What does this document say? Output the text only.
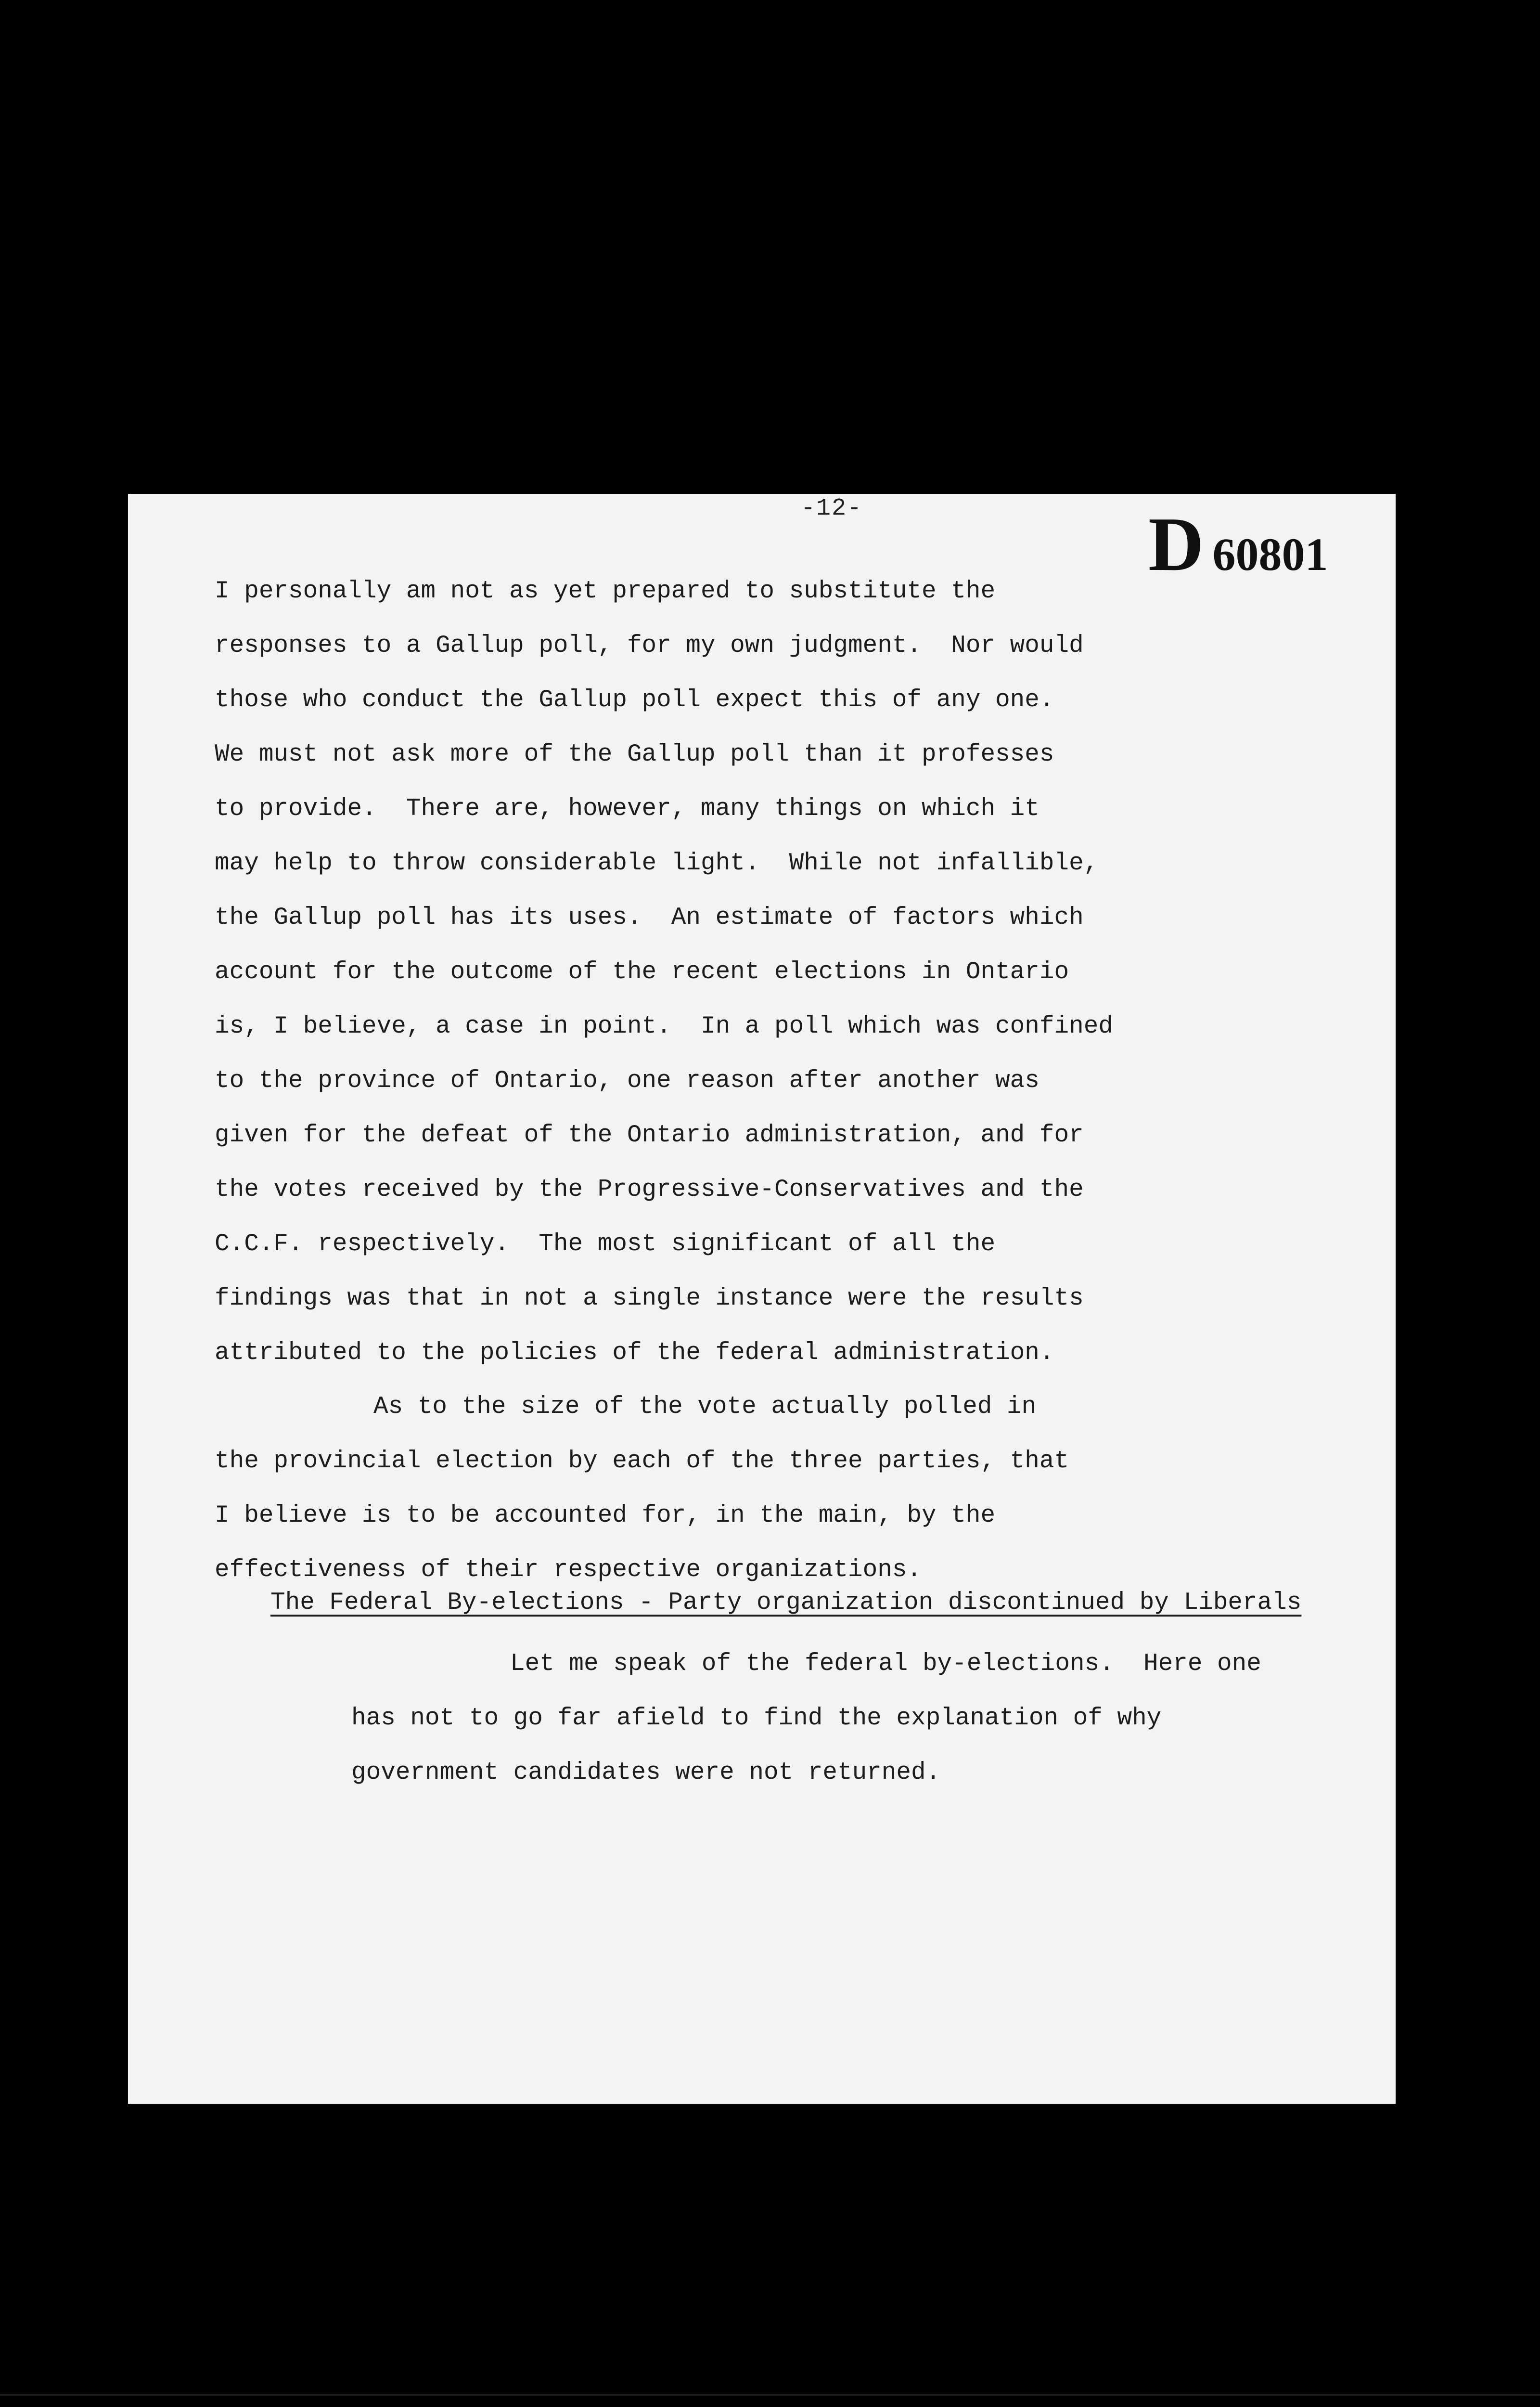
-12-	D 60801
I personally am not as yet prepared to substitute the
responses to a Gallup poll, for my own judgment.  Nor would
those who conduct the Gallup poll expect this of any one.
We must not ask more of the Gallup poll than it professes
to provide.  There are, however, many things on which it
may help to throw considerable light.  While not infallible,
the Gallup poll has its uses.  An estimate of factors which
account for the outcome of the recent elections in Ontario
is, I believe, a case in point.  In a poll which was confined
to the province of Ontario, one reason after another was
given for the defeat of the Ontario administration, and for
the votes received by the Progressive-Conservatives and the
C.C.F. respectively.  The most significant of all the
findings was that in not a single instance were the results
attributed to the policies of the federal administration.
As to the size of the vote actually polled in
the provincial election by each of the three parties, that
I believe is to be accounted for, in the main, by the
effectiveness of their respective organizations.
The Federal By-elections - Party organization discontinued by Liberals
Let me speak of the federal by-elections.  Here one
has not to go far afield to find the explanation of why
government candidates were not returned.
